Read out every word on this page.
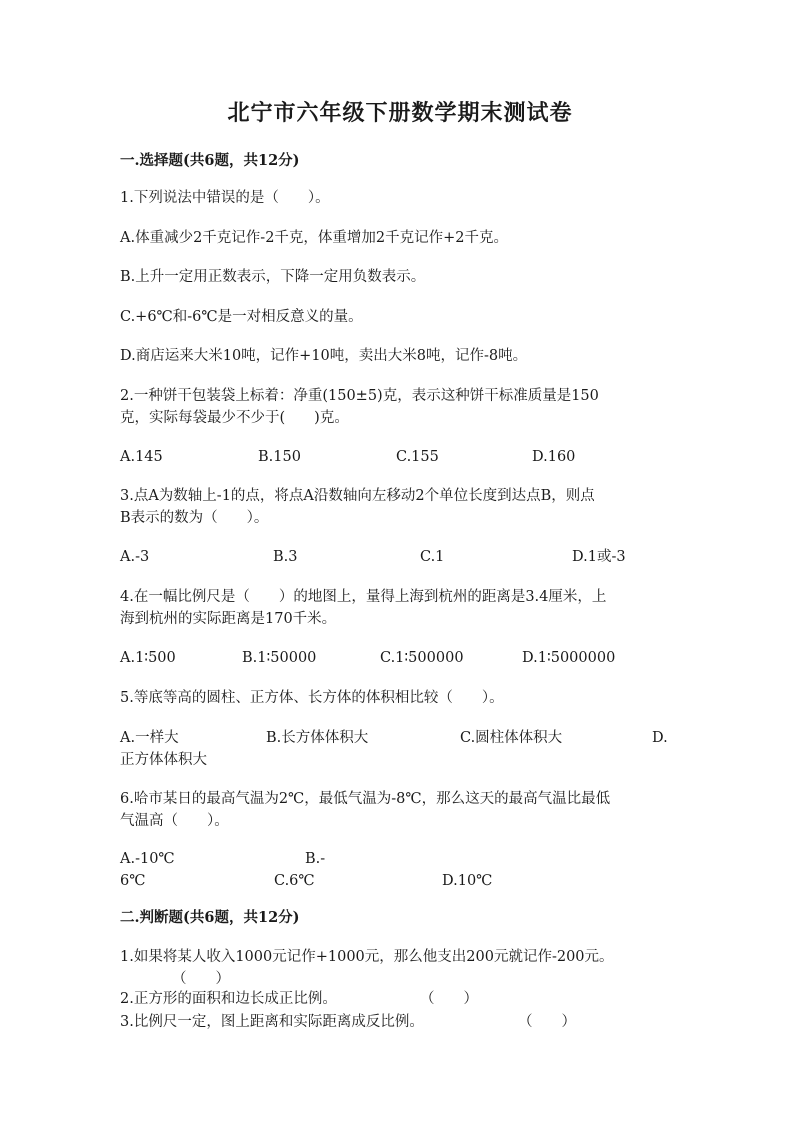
北宁市六年级下册数学期末测试卷
一.选择题(共6题，共12分)
1.下列说法中错误的是（　　）。
A.体重减少2千克记作-2千克，体重增加2千克记作+2千克。
B.上升一定用正数表示，下降一定用负数表示。
C.+6℃和-6℃是一对相反意义的量。
D.商店运来大米10吨，记作+10吨，卖出大米8吨，记作-8吨。
2.一种饼干包装袋上标着：净重(150±5)克，表示这种饼干标准质量是150
克，实际每袋最少不少于(　　)克。
A.145	B.150	C.155	D.160
3.点A为数轴上-1的点，将点A沿数轴向左移动2个单位长度到达点B，则点
B表示的数为（　　）。
A.-3	B.3	C.1	D.1或-3
4.在一幅比例尺是（　　）的地图上，量得上海到杭州的距离是3.4厘米，上
海到杭州的实际距离是170千米。
A.1∶500	B.1∶50000	C.1∶500000	D.1∶5000000
5.等底等高的圆柱、正方体、长方体的体积相比较（　　）。
A.一样大	B.长方体体积大	C.圆柱体体积大	D.
正方体体积大
6.哈市某日的最高气温为2℃，最低气温为-8℃，那么这天的最高气温比最低
气温高（　　）。
A.-10℃	B.-
6℃	C.6℃	D.10℃
二.判断题(共6题，共12分)
1.如果将某人收入1000元记作+1000元，那么他支出200元就记作-200元。
（　　）
2.正方形的面积和边长成正比例。	（　　）
3.比例尺一定，图上距离和实际距离成反比例。	（　　）
